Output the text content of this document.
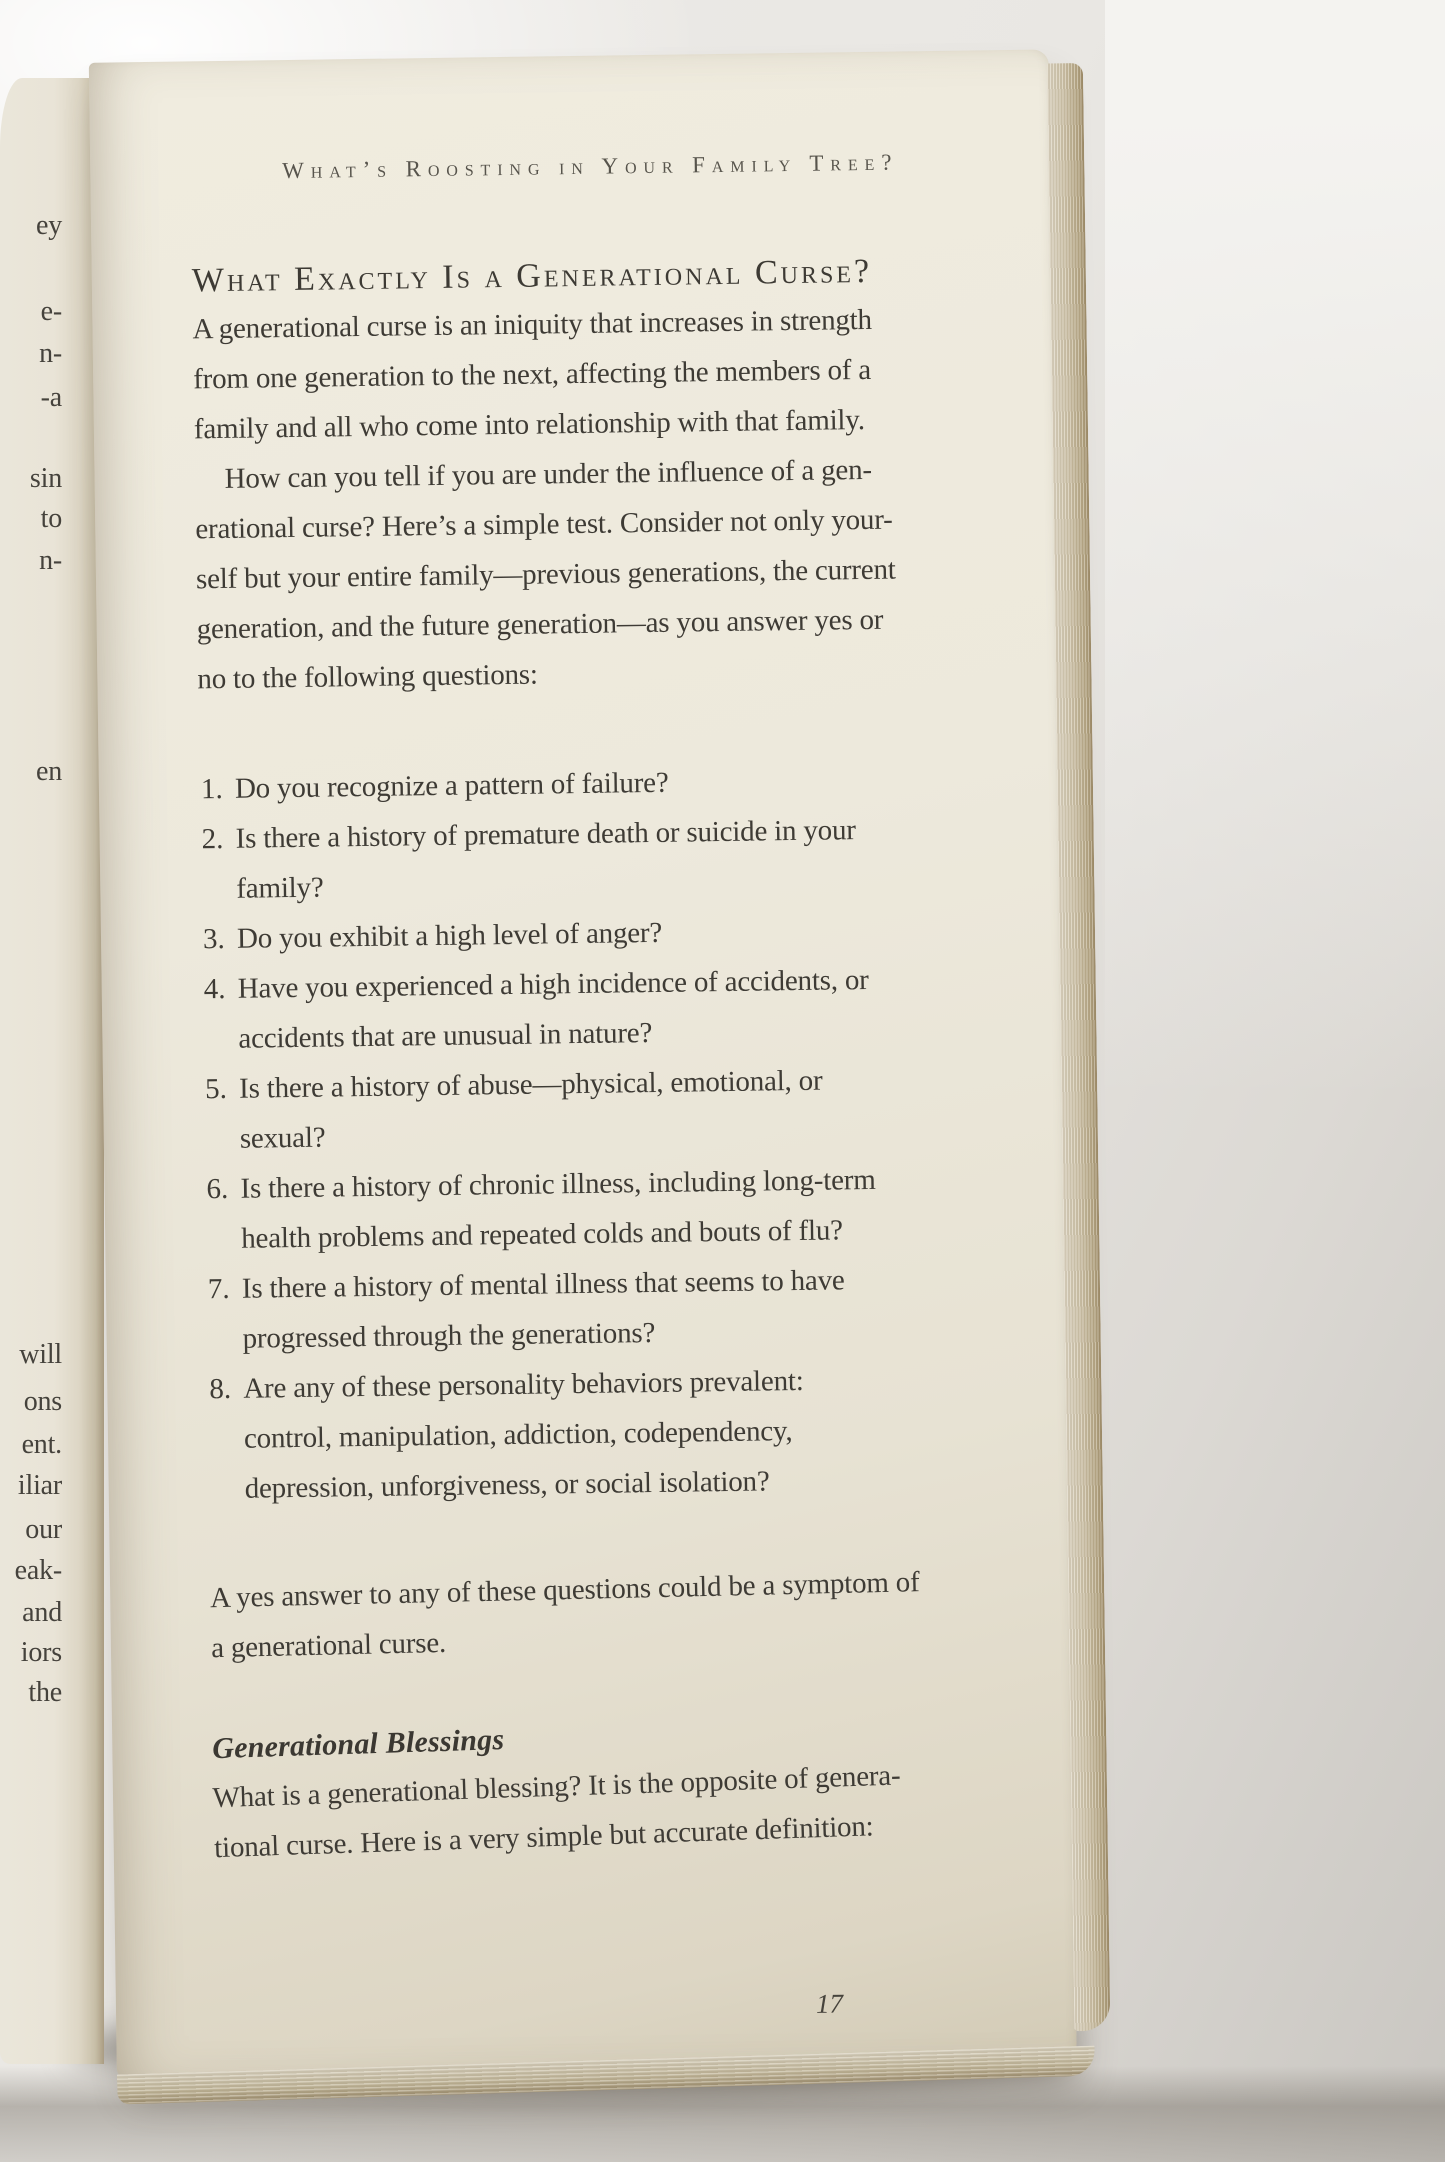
ey
e-
n-
-a
sin
to
n-
en
will
ons
ent.
iliar
our
eak-
and
iors
the
What’s Roosting in Your Family Tree?
What Exactly Is a Generational Curse?
A generational curse is an iniquity that increases in strength
from one generation to the next, affecting the members of a
family and all who come into relationship with that family.
How can you tell if you are under the influence of a gen-
erational curse? Here’s a simple test. Consider not only your-
self but your entire family—previous generations, the current
generation, and the future generation—as you answer yes or
no to the following questions:
1. Do you recognize a pattern of failure?
2. Is there a history of premature death or suicide in your
family?
3. Do you exhibit a high level of anger?
4. Have you experienced a high incidence of accidents, or
accidents that are unusual in nature?
5. Is there a history of abuse—physical, emotional, or
sexual?
6. Is there a history of chronic illness, including long-term
health problems and repeated colds and bouts of flu?
7. Is there a history of mental illness that seems to have
progressed through the generations?
8. Are any of these personality behaviors prevalent:
control, manipulation, addiction, codependency,
depression, unforgiveness, or social isolation?
A yes answer to any of these questions could be a symptom of
a generational curse.
Generational Blessings
What is a generational blessing? It is the opposite of genera-
tional curse. Here is a very simple but accurate definition:
17
